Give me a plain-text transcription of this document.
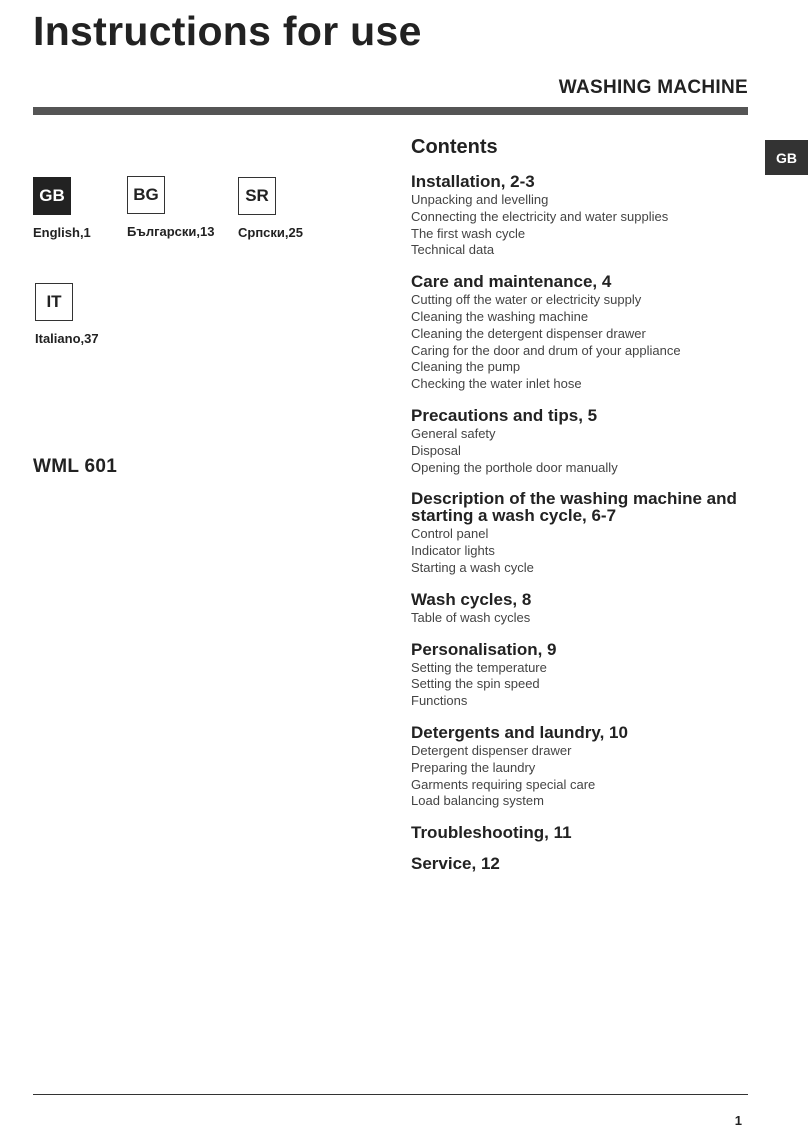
Instructions for use
WASHING MACHINE
GB
GB
English,1
BG
Български,13
SR
Српски,25
IT
Italiano,37
WML 601
Contents
Installation, 2-3
Unpacking and levelling
Connecting the electricity and water supplies
The first wash cycle
Technical data
Care and maintenance, 4
Cutting off the water or electricity supply
Cleaning the washing machine
Cleaning the detergent dispenser drawer
Caring for the door and drum of your appliance
Cleaning the pump
Checking the water inlet hose
Precautions and tips, 5
General safety
Disposal
Opening the porthole door manually
Description of the washing machine and starting a wash cycle, 6-7
Control panel
Indicator lights
Starting a wash cycle
Wash cycles, 8
Table of wash cycles
Personalisation, 9
Setting the temperature
Setting the spin speed
Functions
Detergents and laundry, 10
Detergent dispenser drawer
Preparing the laundry
Garments requiring special care
Load balancing system
Troubleshooting, 11
Service, 12
1
